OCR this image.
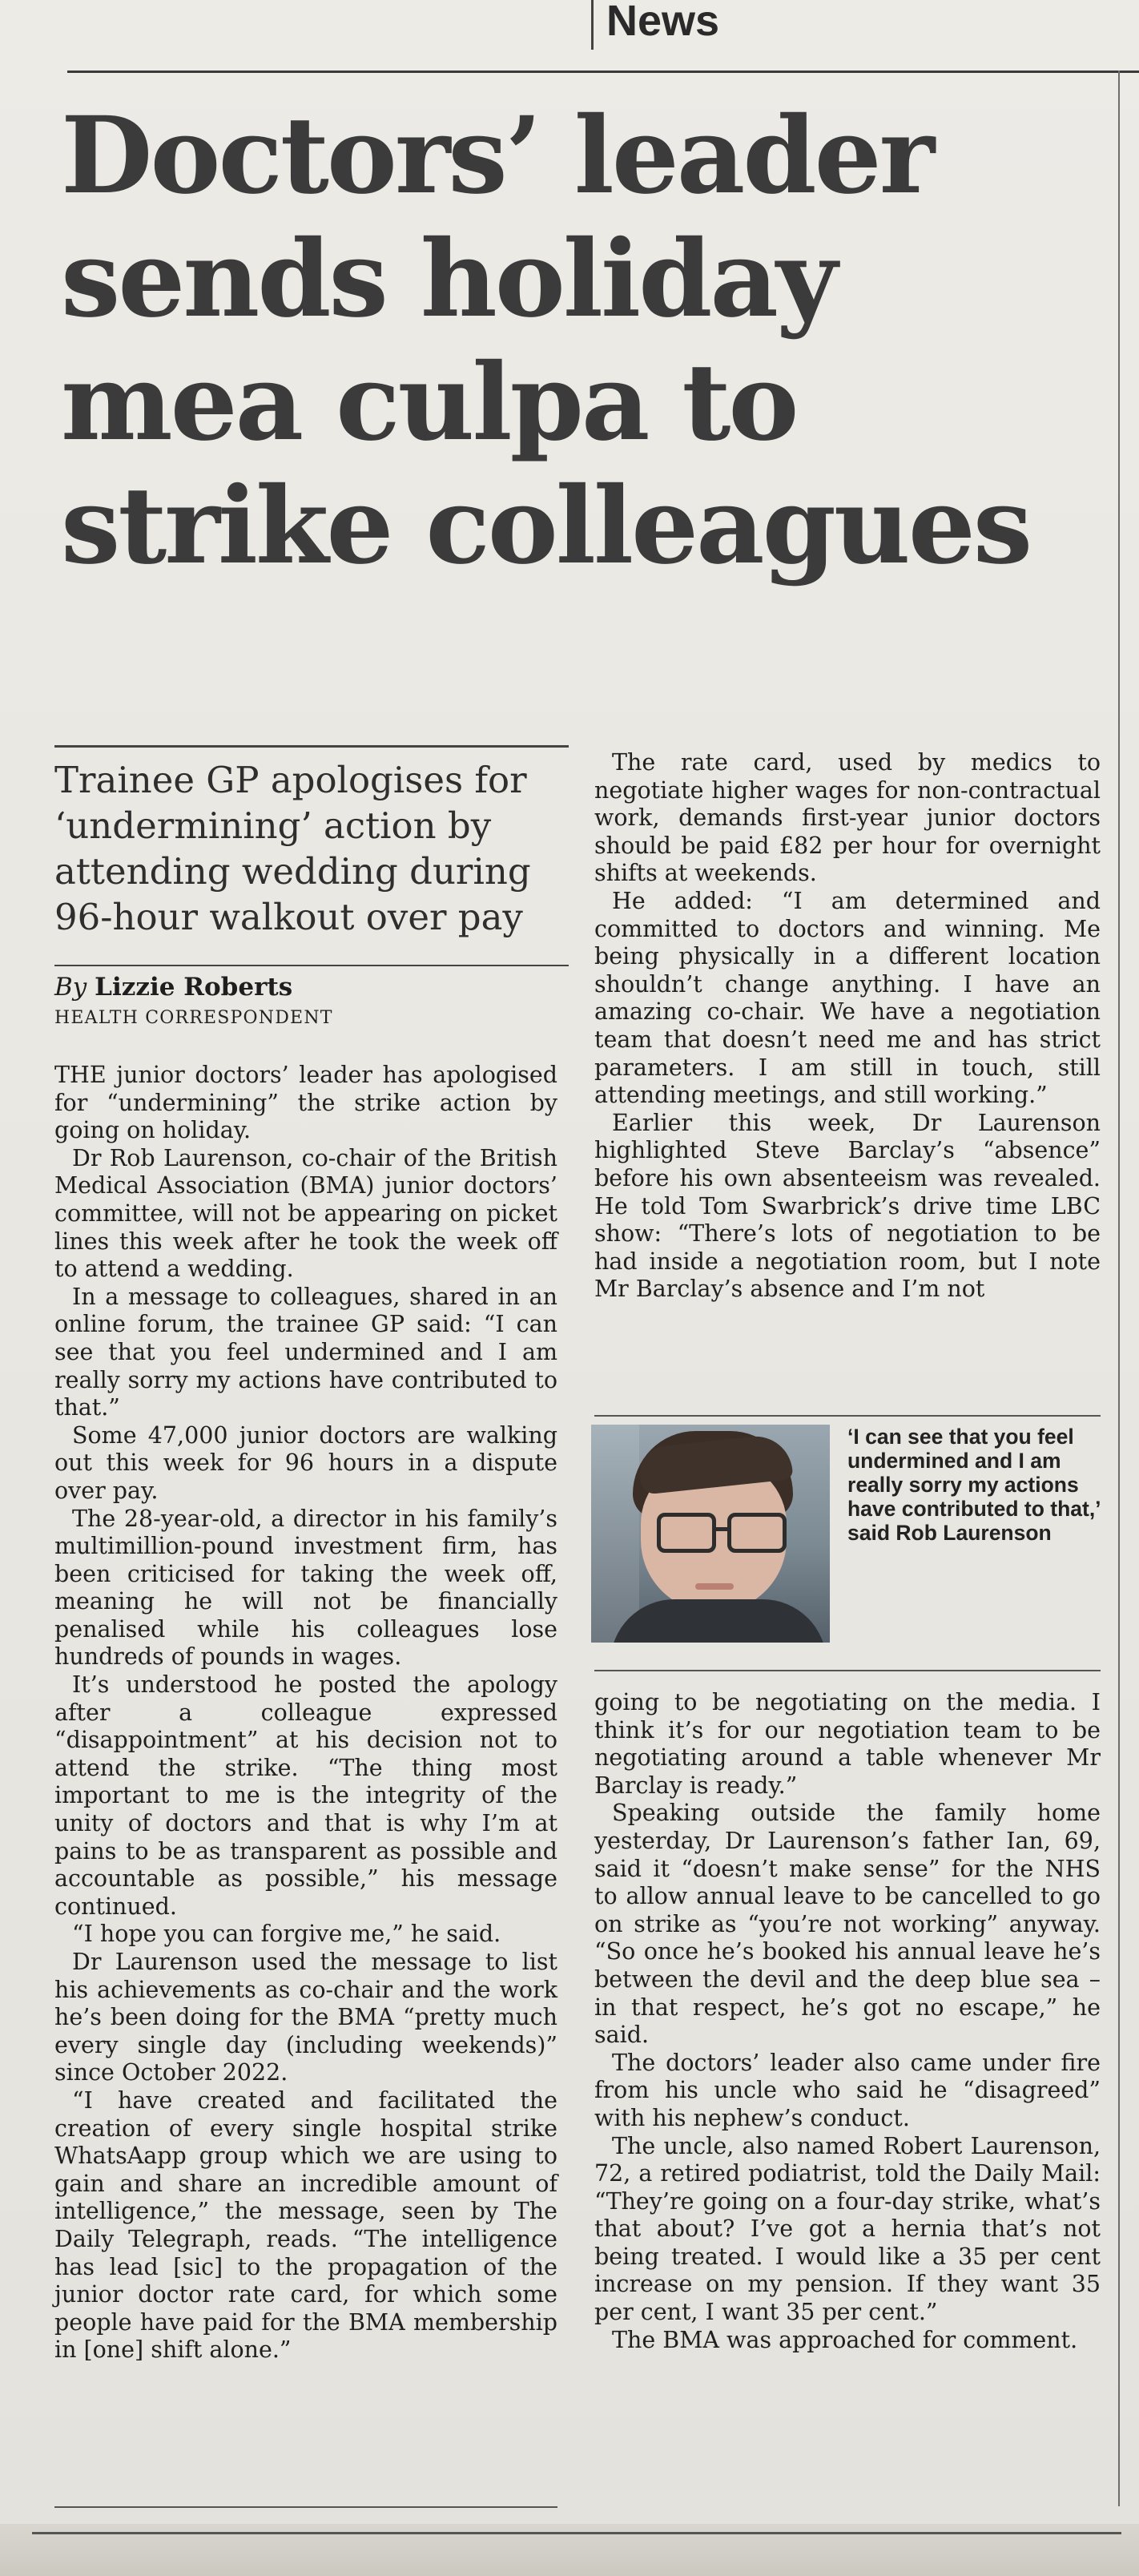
News
Doctors’ leader
sends holiday
mea culpa to
strike colleagues
Trainee GP apologises for ‘undermining’ action by attending wedding during 96-hour walkout over pay
By Lizzie Roberts
HEALTH CORRESPONDENT

THE junior doctors’ leader has apologised for “undermining” the strike action by going on holiday.

Dr Rob Laurenson, co-chair of the British Medical Association (BMA) junior doctors’ committee, will not be appearing on picket lines this week after he took the week off to attend a wedding.

In a message to colleagues, shared in an online forum, the trainee GP said: “I can see that you feel undermined and I am really sorry my actions have contributed to that.”

Some 47,000 junior doctors are walking out this week for 96 hours in a dispute over pay.

The 28-year-old, a director in his family’s multimillion-pound investment firm, has been criticised for taking the week off, meaning he will not be financially penalised while his colleagues lose hundreds of pounds in wages.

It’s understood he posted the apology after a colleague expressed “disappointment” at his decision not to attend the strike. “The thing most important to me is the integrity of the unity of doctors and that is why I’m at pains to be as transparent as possible and accountable as possible,” his message continued.

“I hope you can forgive me,” he said.

Dr Laurenson used the message to list his achievements as co-chair and the work he’s been doing for the BMA “pretty much every single day (including weekends)” since October 2022.

“I have created and facilitated the creation of every single hospital strike WhatsAapp group which we are using to gain and share an incredible amount of intelligence,” the message, seen by The Daily Telegraph, reads. “The intelligence has lead [sic] to the propagation of the junior doctor rate card, for which some people have paid for the BMA membership in [one] shift alone.”

The rate card, used by medics to negotiate higher wages for non-contractual work, demands first-year junior doctors should be paid £82 per hour for overnight shifts at weekends.

He added: “I am determined and committed to doctors and winning. Me being physically in a different location shouldn’t change anything. I have an amazing co-chair. We have a negotiation team that doesn’t need me and has strict parameters. I am still in touch, still attending meetings, and still working.”

Earlier this week, Dr Laurenson highlighted Steve Barclay’s “absence” before his own absenteeism was revealed. He told Tom Swarbrick’s drive time LBC show: “There’s lots of negotiation to be had inside a negotiation room, but I note Mr Barclay’s absence and I’m not

‘I can see that you feel undermined and I am really sorry my actions have contributed to that,’ said Rob Laurenson

going to be negotiating on the media. I think it’s for our negotiation team to be negotiating around a table whenever Mr Barclay is ready.”

Speaking outside the family home yesterday, Dr Laurenson’s father Ian, 69, said it “doesn’t make sense” for the NHS to allow annual leave to be cancelled to go on strike as “you’re not working” anyway. “So once he’s booked his annual leave he’s between the devil and the deep blue sea – in that respect, he’s got no escape,” he said.

The doctors’ leader also came under fire from his uncle who said he “disagreed” with his nephew’s conduct.

The uncle, also named Robert Laurenson, 72, a retired podiatrist, told the Daily Mail: “They’re going on a four-day strike, what’s that about? I’ve got a hernia that’s not being treated. I would like a 35 per cent increase on my pension. If they want 35 per cent, I want 35 per cent.”

The BMA was approached for comment.
